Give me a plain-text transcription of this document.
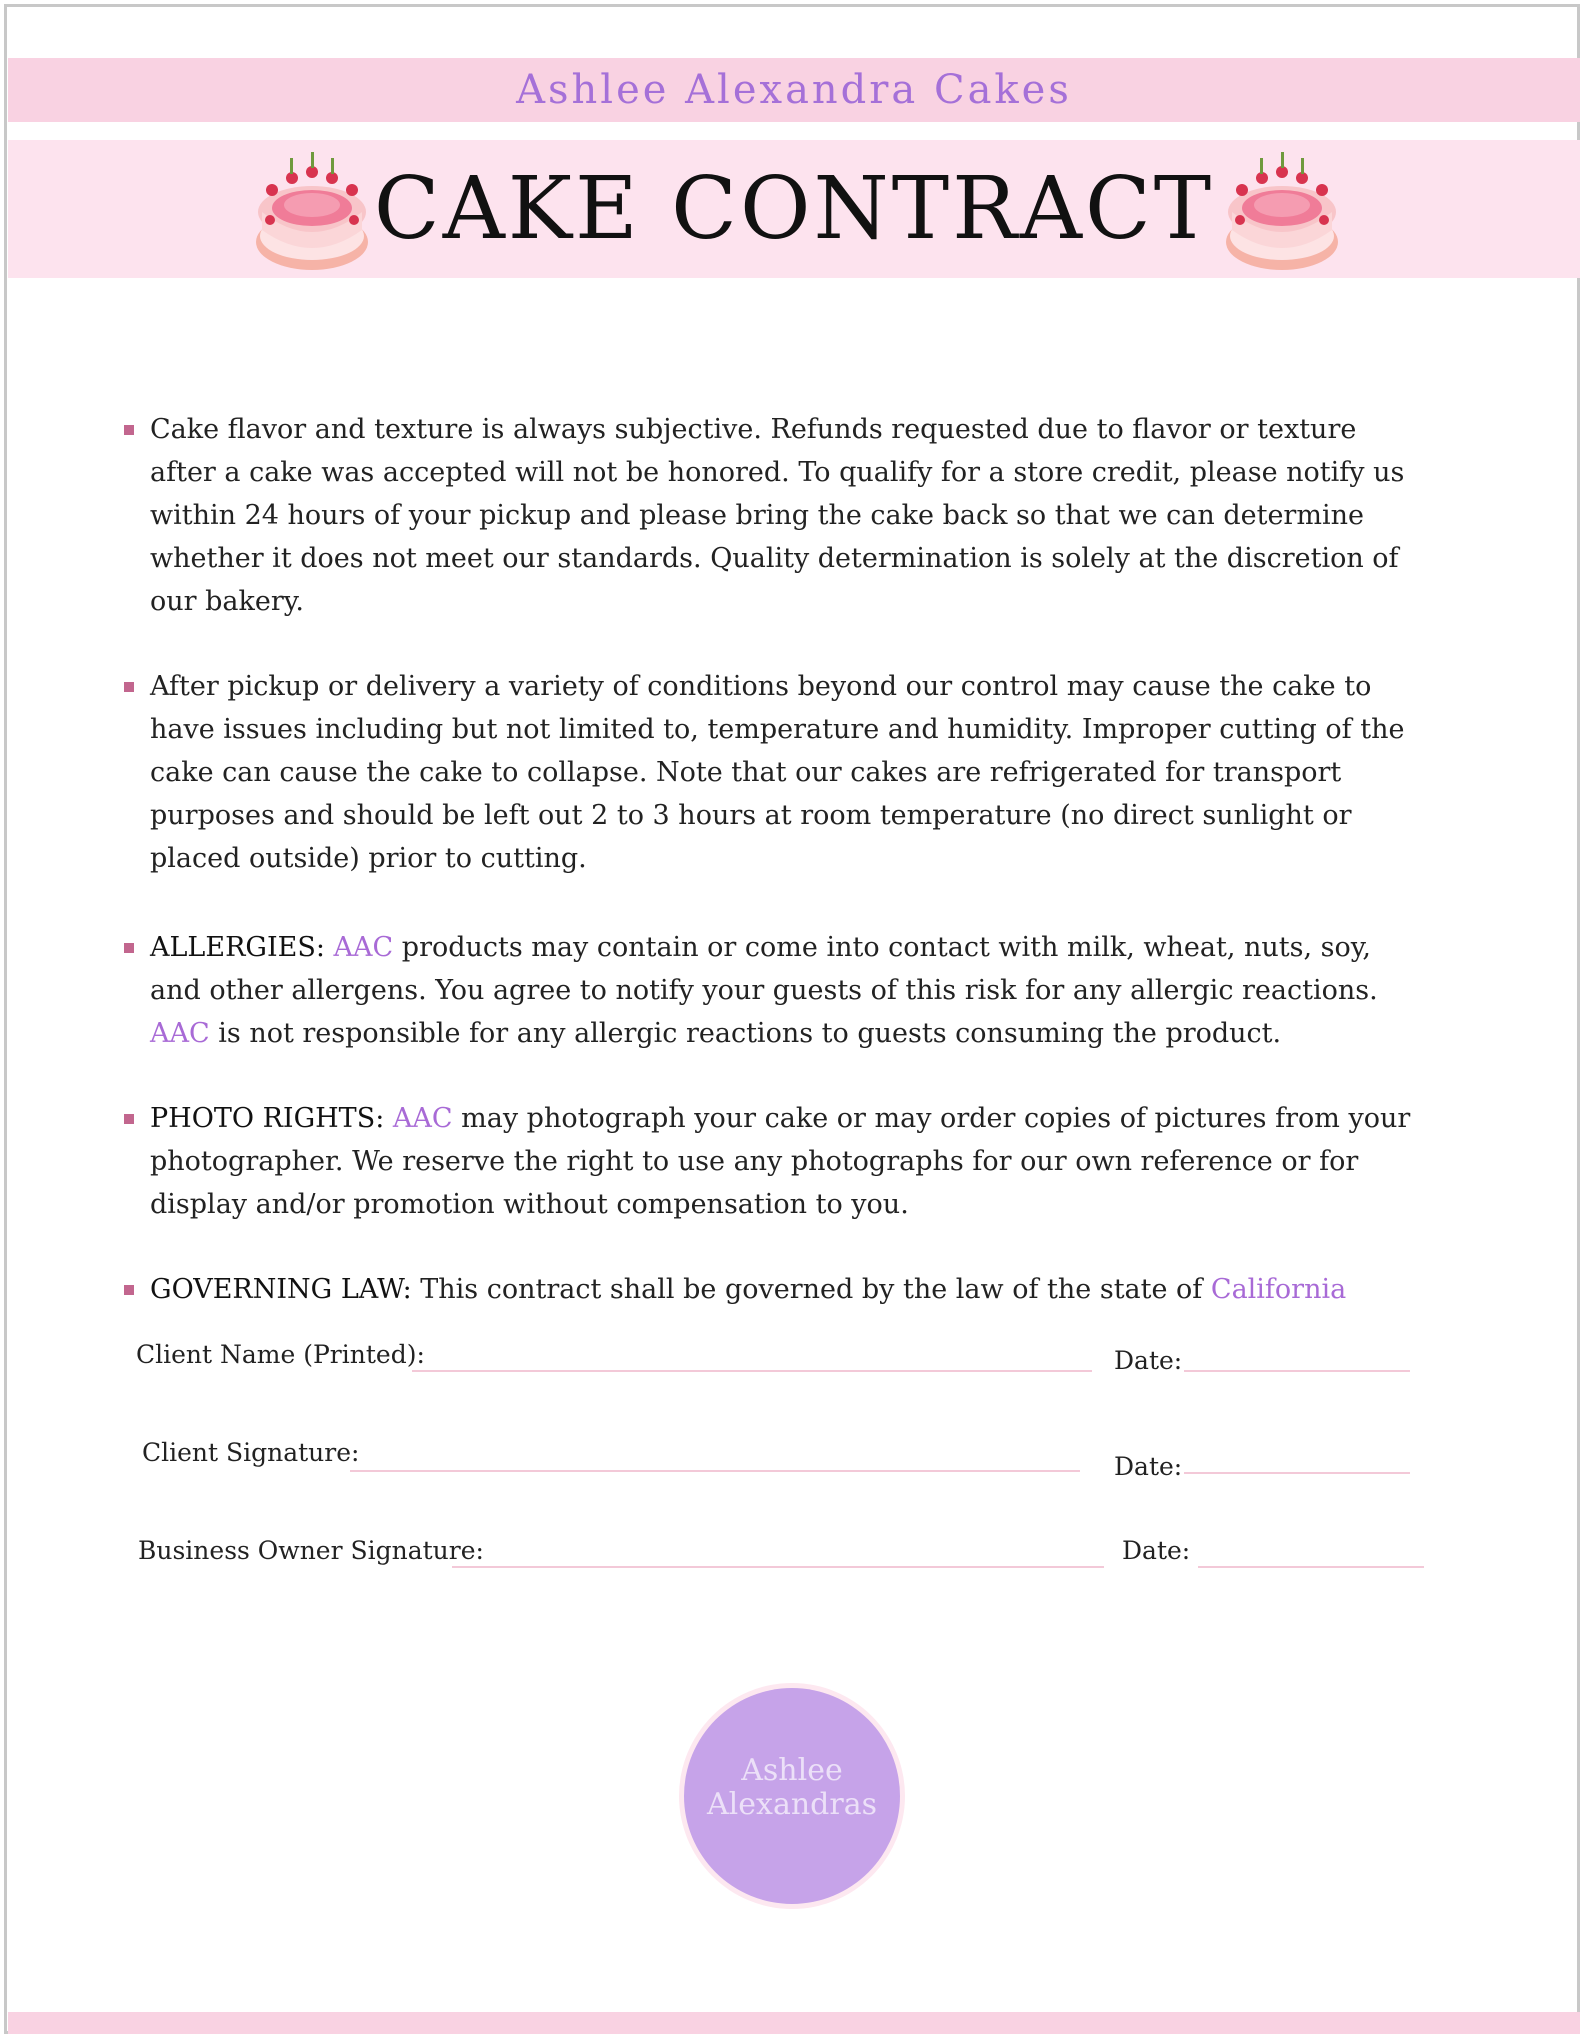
Ashlee Alexandra Cakes
CAKE CONTRACT
Cake flavor and texture is always subjective. Refunds requested due to flavor or texture after a cake was accepted will not be honored. To qualify for a store credit, please notify us within 24 hours of your pickup and please bring the cake back so that we can determine whether it does not meet our standards. Quality determination is solely at the discretion of our bakery.
After pickup or delivery a variety of conditions beyond our control may cause the cake to have issues including but not limited to, temperature and humidity. Improper cutting of the cake can cause the cake to collapse. Note that our cakes are refrigerated for transport purposes and should be left out 2 to 3 hours at room temperature (no direct sunlight or placed outside) prior to cutting.
ALLERGIES: AAC products may contain or come into contact with milk, wheat, nuts, soy, and other allergens. You agree to notify your guests of this risk for any allergic reactions. AAC is not responsible for any allergic reactions to guests consuming the product.
PHOTO RIGHTS: AAC may photograph your cake or may order copies of pictures from your photographer. We reserve the right to use any photographs for our own reference or for display and/or promotion without compensation to you.
GOVERNING LAW: This contract shall be governed by the law of the state of California
Client Name (Printed):	Date:
Client Signature:	Date:
Business Owner Signature:	Date:
Ashlee
Alexandras
